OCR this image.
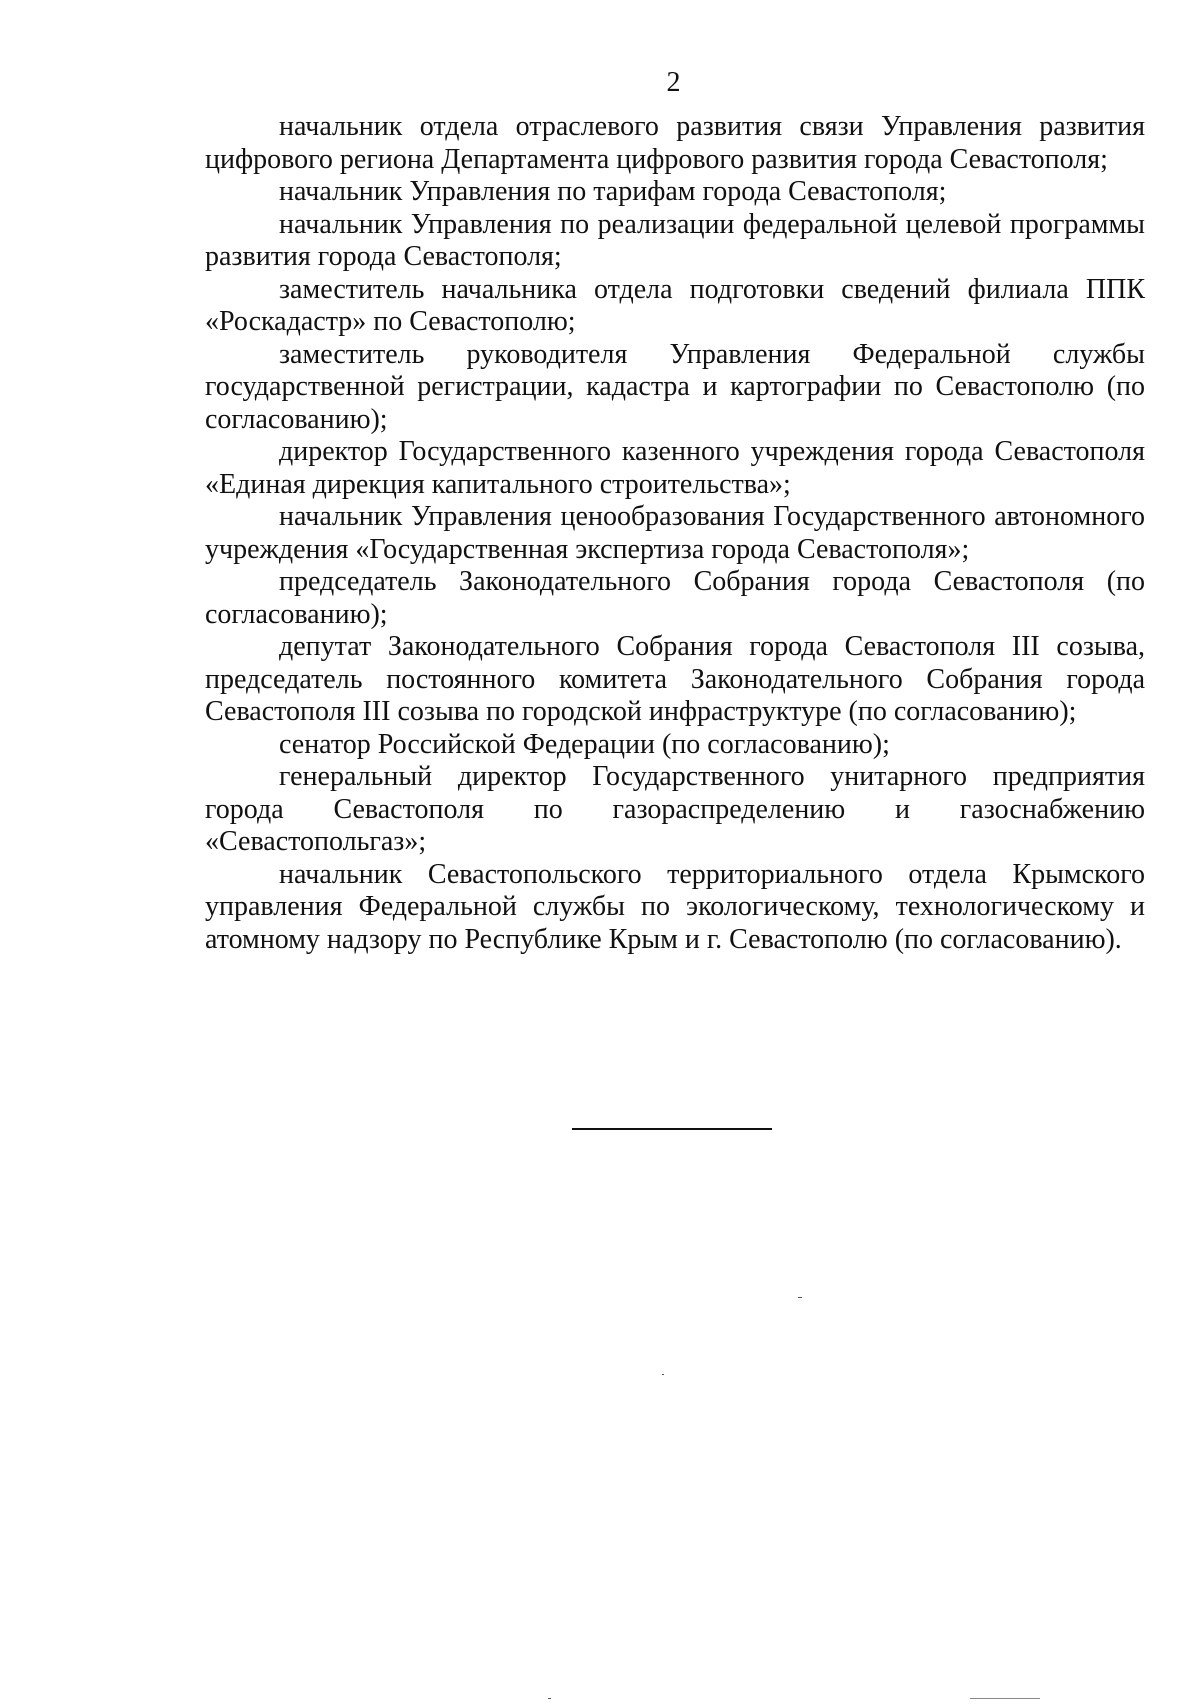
2

начальник отдела отраслевого развития связи Управления развития цифрового региона Департамента цифрового развития города Севастополя;

начальник Управления по тарифам города Севастополя;

начальник Управления по реализации федеральной целевой программы развития города Севастополя;

заместитель начальника отдела подготовки сведений филиала ППК «Роскадастр» по Севастополю;

заместитель руководителя Управления Федеральной службы государственной регистрации, кадастра и картографии по Севастополю (по согласованию);

директор Государственного казенного учреждения города Севастополя «Единая дирекция капитального строительства»;

начальник Управления ценообразования Государственного автономного учреждения «Государственная экспертиза города Севастополя»;

председатель Законодательного Собрания города Севастополя (по согласованию);

депутат Законодательного Собрания города Севастополя III созыва, председатель постоянного комитета Законодательного Собрания города Севастополя III созыва по городской инфраструктуре (по согласованию);

сенатор Российской Федерации (по согласованию);

генеральный директор Государственного унитарного предприятия города Севастополя по газораспределению и газоснабжению «Севастопольгаз»;

начальник Севастопольского территориального отдела Крымского управления Федеральной службы по экологическому, технологическому и атомному надзору по Республике Крым и г. Севастополю (по согласованию).
